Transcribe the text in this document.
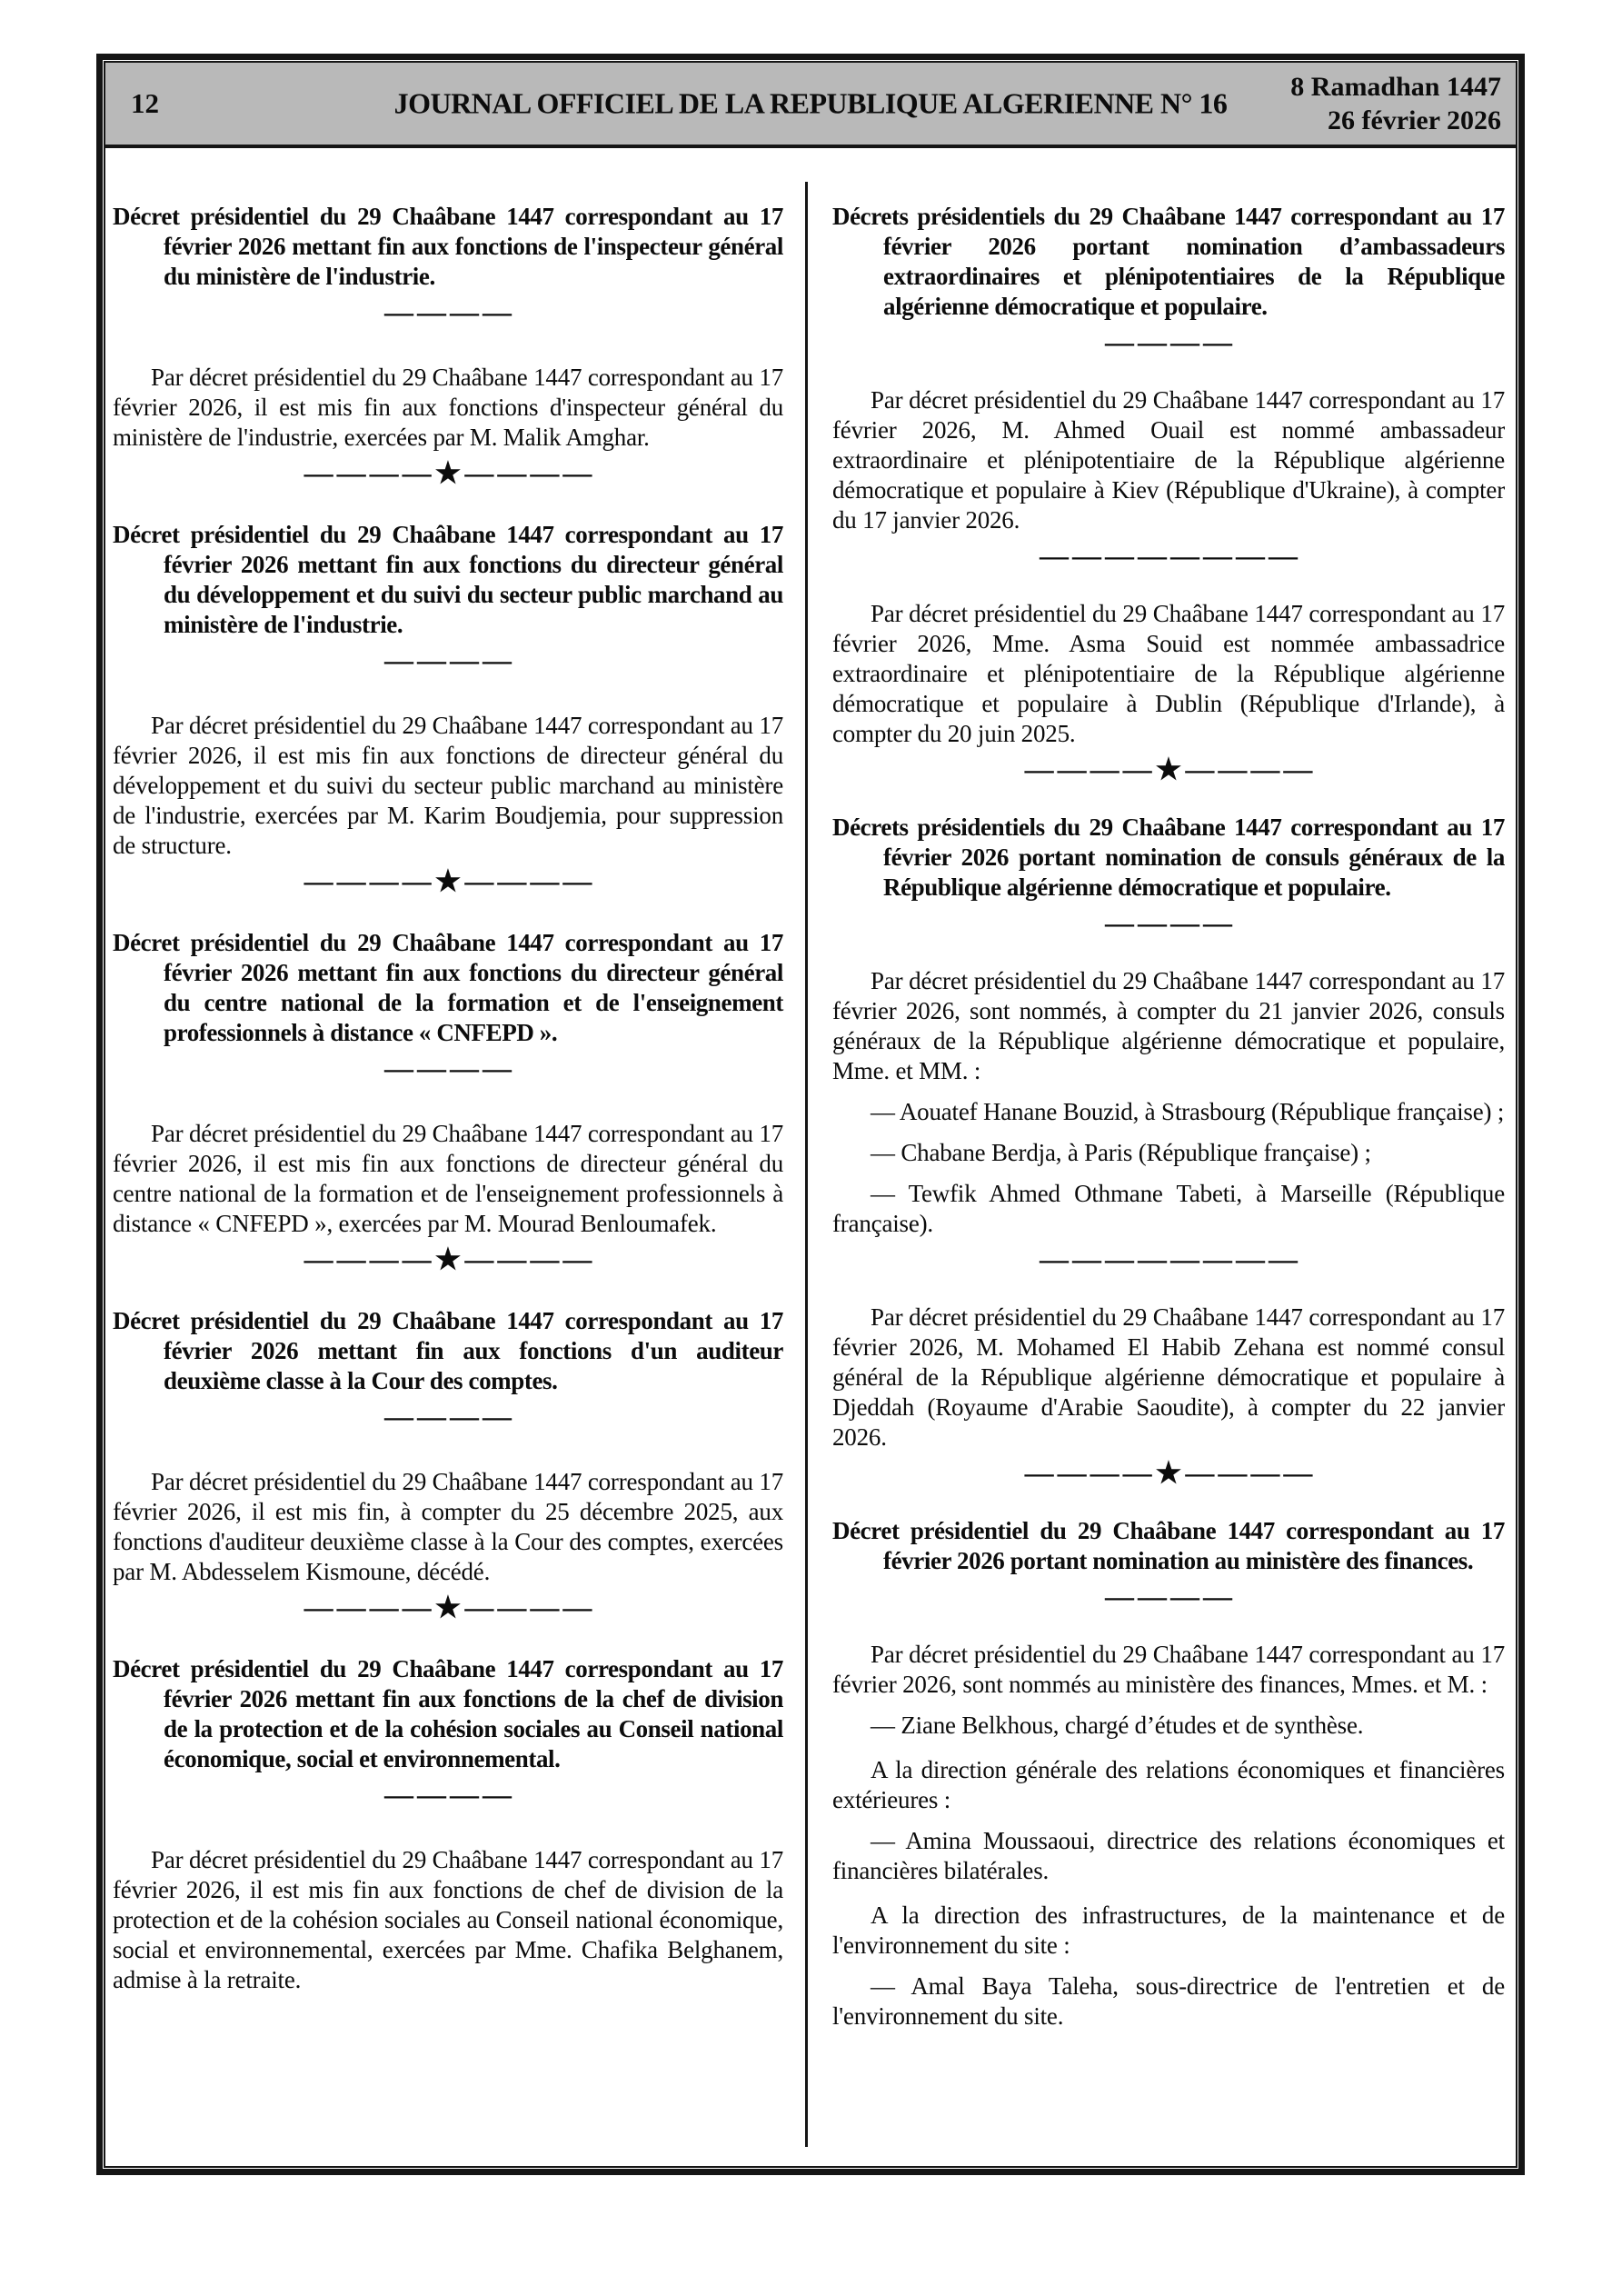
12	JOURNAL OFFICIEL DE LA REPUBLIQUE ALGERIENNE N° 16 8 Ramadhan 1447
26 février 2026
Décret présidentiel du 29 Chaâbane 1447 correspondant au 17 février 2026 mettant fin aux fonctions de l'inspecteur général du ministère de l'industrie.
— — — —
Par décret présidentiel du 29 Chaâbane 1447 correspondant au 17 février 2026, il est mis fin aux fonctions d'inspecteur général du ministère de l'industrie, exercées par M. Malik Amghar.
— — — — ★ — — — —
Décret présidentiel du 29 Chaâbane 1447 correspondant au 17 février 2026 mettant fin aux fonctions du directeur général du développement et du suivi du secteur public marchand au ministère de l'industrie.
— — — —
Par décret présidentiel du 29 Chaâbane 1447 correspondant au 17 février 2026, il est mis fin aux fonctions de directeur général du développement et du suivi du secteur public marchand au ministère de l'industrie, exercées par M. Karim Boudjemia, pour suppression de structure.
— — — — ★ — — — —
Décret présidentiel du 29 Chaâbane 1447 correspondant au 17 février 2026 mettant fin aux fonctions du directeur général du centre national de la formation et de l'enseignement professionnels à distance « CNFEPD ».
— — — —
Par décret présidentiel du 29 Chaâbane 1447 correspondant au 17 février 2026, il est mis fin aux fonctions de directeur général du centre national de la formation et de l'enseignement professionnels à distance « CNFEPD », exercées par M. Mourad Benloumafek.
— — — — ★ — — — —
Décret présidentiel du 29 Chaâbane 1447 correspondant au 17 février 2026 mettant fin aux fonctions d'un auditeur deuxième classe à la Cour des comptes.
— — — —
Par décret présidentiel du 29 Chaâbane 1447 correspondant au 17 février 2026, il est mis fin, à compter du 25 décembre 2025, aux fonctions d'auditeur deuxième classe à la Cour des comptes, exercées par M. Abdesselem Kismoune, décédé.
— — — — ★ — — — —
Décret présidentiel du 29 Chaâbane 1447 correspondant au 17 février 2026 mettant fin aux fonctions de la chef de division de la protection et de la cohésion sociales au Conseil national économique, social et environnemental.
— — — —
Par décret présidentiel du 29 Chaâbane 1447 correspondant au 17 février 2026, il est mis fin aux fonctions de chef de division de la protection et de la cohésion sociales au Conseil national économique, social et environnemental, exercées par Mme. Chafika Belghanem, admise à la retraite.
Décrets présidentiels du 29 Chaâbane 1447 correspondant au 17 février 2026 portant nomination d’ambassadeurs extraordinaires et plénipotentiaires de la République algérienne démocratique et populaire.
— — — —
Par décret présidentiel du 29 Chaâbane 1447 correspondant au 17 février 2026, M. Ahmed Ouail est nommé ambassadeur extraordinaire et plénipotentiaire de la République algérienne démocratique et populaire à Kiev (République d'Ukraine), à compter du 17 janvier 2026.
— — — — — — — —
Par décret présidentiel du 29 Chaâbane 1447 correspondant au 17 février 2026, Mme. Asma Souid est nommée ambassadrice extraordinaire et plénipotentiaire de la République algérienne démocratique et populaire à Dublin (République d'Irlande), à compter du 20 juin 2025.
— — — — ★ — — — —
Décrets présidentiels du 29 Chaâbane 1447 correspondant au 17 février 2026 portant nomination de consuls généraux de la République algérienne démocratique et populaire.
— — — —
Par décret présidentiel du 29 Chaâbane 1447 correspondant au 17 février 2026, sont nommés, à compter du 21 janvier 2026, consuls généraux de la République algérienne démocratique et populaire, Mme. et MM. :
— Aouatef Hanane Bouzid, à Strasbourg (République française) ;
— Chabane Berdja, à Paris (République française) ;
— Tewfik Ahmed Othmane Tabeti, à Marseille (République française).
— — — — — — — —
Par décret présidentiel du 29 Chaâbane 1447 correspondant au 17 février 2026, M. Mohamed El Habib Zehana est nommé consul général de la République algérienne démocratique et populaire à Djeddah (Royaume d'Arabie Saoudite), à compter du 22 janvier 2026.
— — — — ★ — — — —
Décret présidentiel du 29 Chaâbane 1447 correspondant au 17 février 2026 portant nomination au ministère des finances.
— — — —
Par décret présidentiel du 29 Chaâbane 1447 correspondant au 17 février 2026, sont nommés au ministère des finances, Mmes. et M. :
— Ziane Belkhous, chargé d’études et de synthèse.
A la direction générale des relations économiques et financières extérieures :
— Amina Moussaoui, directrice des relations économiques et financières bilatérales.
A la direction des infrastructures, de la maintenance et de l'environnement du site :
— Amal Baya Taleha, sous-directrice de l'entretien et de l'environnement du site.
